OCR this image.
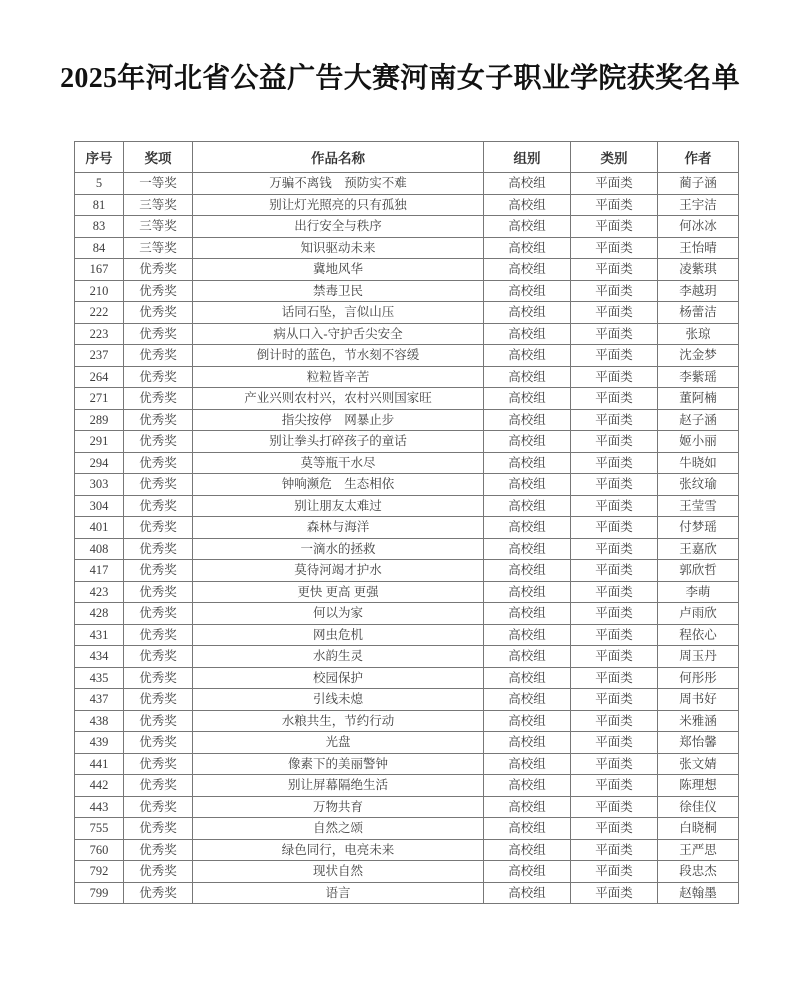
2025年河北省公益广告大赛河南女子职业学院获奖名单
序号	奖项	作品名称	组别	类别	作者
5	一等奖	万骗不离钱　预防实不难	高校组	平面类	蔺子涵
81	三等奖	别让灯光照亮的只有孤独	高校组	平面类	王宇洁
83	三等奖	出行安全与秩序	高校组	平面类	何冰冰
84	三等奖	知识驱动未来	高校组	平面类	王怡晴
167	优秀奖	冀地风华	高校组	平面类	凌紫琪
210	优秀奖	禁毒卫民	高校组	平面类	李越玥
222	优秀奖	话同石坠，言似山压	高校组	平面类	杨蕾洁
223	优秀奖	病从口入-守护舌尖安全	高校组	平面类	张琼
237	优秀奖	倒计时的蓝色，节水刻不容缓	高校组	平面类	沈金梦
264	优秀奖	粒粒皆辛苦	高校组	平面类	李紫瑶
271	优秀奖	产业兴则农村兴，农村兴则国家旺	高校组	平面类	董阿楠
289	优秀奖	指尖按停　网暴止步	高校组	平面类	赵子涵
291	优秀奖	别让拳头打碎孩子的童话	高校组	平面类	姬小丽
294	优秀奖	莫等瓶干水尽	高校组	平面类	牛晓如
303	优秀奖	钟响濒危　生态相依	高校组	平面类	张纹瑜
304	优秀奖	别让朋友太难过	高校组	平面类	王莹雪
401	优秀奖	森林与海洋	高校组	平面类	付梦瑶
408	优秀奖	一滴水的拯救	高校组	平面类	王嘉欣
417	优秀奖	莫待河竭才护水	高校组	平面类	郭欣哲
423	优秀奖	更快 更高 更强	高校组	平面类	李萌
428	优秀奖	何以为家	高校组	平面类	卢雨欣
431	优秀奖	网虫危机	高校组	平面类	程依心
434	优秀奖	水韵生灵	高校组	平面类	周玉丹
435	优秀奖	校园保护	高校组	平面类	何彤彤
437	优秀奖	引线未熄	高校组	平面类	周书好
438	优秀奖	水粮共生，节约行动	高校组	平面类	米雅涵
439	优秀奖	光盘	高校组	平面类	郑怡馨
441	优秀奖	像素下的美丽警钟	高校组	平面类	张文婧
442	优秀奖	别让屏幕隔绝生活	高校组	平面类	陈理想
443	优秀奖	万物共育	高校组	平面类	徐佳仪
755	优秀奖	自然之颂	高校组	平面类	白晓桐
760	优秀奖	绿色同行，电亮未来	高校组	平面类	王严思
792	优秀奖	现状自然	高校组	平面类	段忠杰
799	优秀奖	语言	高校组	平面类	赵翰墨
